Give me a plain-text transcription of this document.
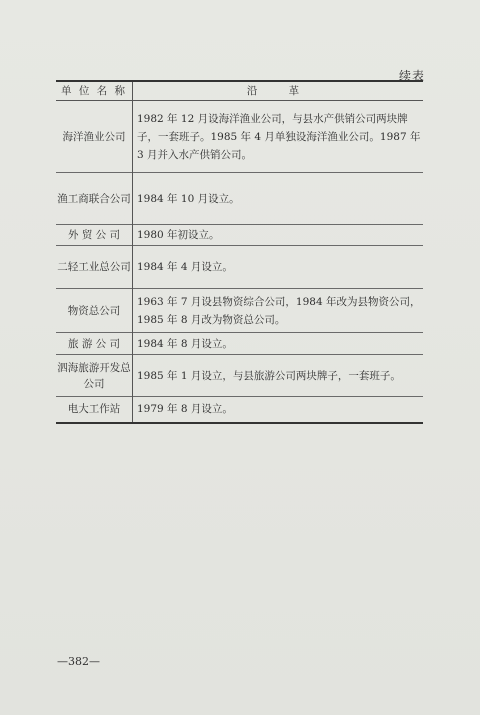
续表
单 位 名 称	沿 革
海洋渔业公司	1982 年 12 月设海洋渔业公司，与县水产供销公司两块牌子，一套班子。1985 年 4 月单独设海洋渔业公司。1987 年 3 月并入水产供销公司。
渔工商联合公司	1984 年 10 月设立。
外 贸 公 司	1980 年初设立。
二轻工业总公司	1984 年 4 月设立。
物资总公司	1963 年 7 月设县物资综合公司，1984 年改为县物资公司，1985 年 8 月改为物资总公司。
旅 游 公 司	1984 年 8 月设立。
泗海旅游开发总公司	1985 年 1 月设立，与县旅游公司两块牌子，一套班子。
电大工作站	1979 年 8 月设立。
—382—
